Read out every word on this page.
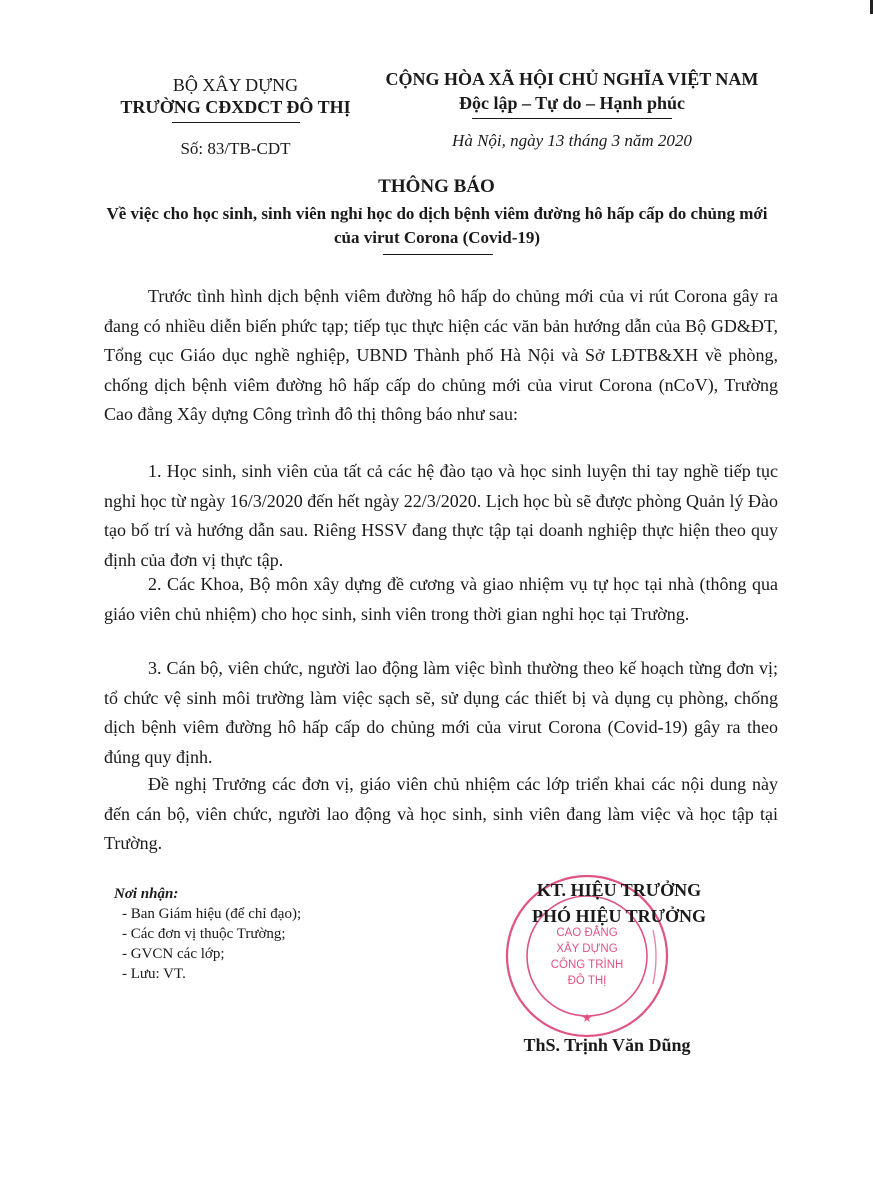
BỘ XÂY DỰNG
TRƯỜNG CĐXDCT ĐÔ THỊ
Số: 83/TB-CDT
CỘNG HÒA XÃ HỘI CHỦ NGHĨA VIỆT NAM
Độc lập – Tự do – Hạnh phúc
Hà Nội, ngày 13 tháng 3 năm 2020
THÔNG BÁO
Về việc cho học sinh, sinh viên nghỉ học do dịch bệnh viêm đường hô hấp cấp do chủng mới của virut Corona (Covid-19)

Trước tình hình dịch bệnh viêm đường hô hấp do chủng mới của vi rút Corona gây ra đang có nhiều diễn biến phức tạp; tiếp tục thực hiện các văn bản hướng dẫn của Bộ GD&ĐT, Tổng cục Giáo dục nghề nghiệp, UBND Thành phố Hà Nội và Sở LĐTB&XH về phòng, chống dịch bệnh viêm đường hô hấp cấp do chủng mới của virut Corona (nCoV), Trường Cao đẳng Xây dựng Công trình đô thị thông báo như sau:

1. Học sinh, sinh viên của tất cả các hệ đào tạo và học sinh luyện thi tay nghề tiếp tục nghỉ học từ ngày 16/3/2020 đến hết ngày 22/3/2020. Lịch học bù sẽ được phòng Quản lý Đào tạo bố trí và hướng dẫn sau. Riêng HSSV đang thực tập tại doanh nghiệp thực hiện theo quy định của đơn vị thực tập.

2. Các Khoa, Bộ môn xây dựng đề cương và giao nhiệm vụ tự học tại nhà (thông qua giáo viên chủ nhiệm) cho học sinh, sinh viên trong thời gian nghỉ học tại Trường.

3. Cán bộ, viên chức, người lao động làm việc bình thường theo kế hoạch từng đơn vị; tổ chức vệ sinh môi trường làm việc sạch sẽ, sử dụng các thiết bị và dụng cụ phòng, chống dịch bệnh viêm đường hô hấp cấp do chủng mới của virut Corona (Covid-19) gây ra theo đúng quy định.

Đề nghị Trưởng các đơn vị, giáo viên chủ nhiệm các lớp triển khai các nội dung này đến cán bộ, viên chức, người lao động và học sinh, sinh viên đang làm việc và học tập tại Trường.

Nơi nhận:
- Ban Giám hiệu (để chỉ đạo);
- Các đơn vị thuộc Trường;
- GVCN các lớp;
- Lưu: VT.
CAO ĐẲNG
XÂY DỰNG
CÔNG TRÌNH
ĐÔ THỊ
★
KT. HIỆU TRƯỞNG
PHÓ HIỆU TRƯỞNG
ThS. Trịnh Văn Dũng
